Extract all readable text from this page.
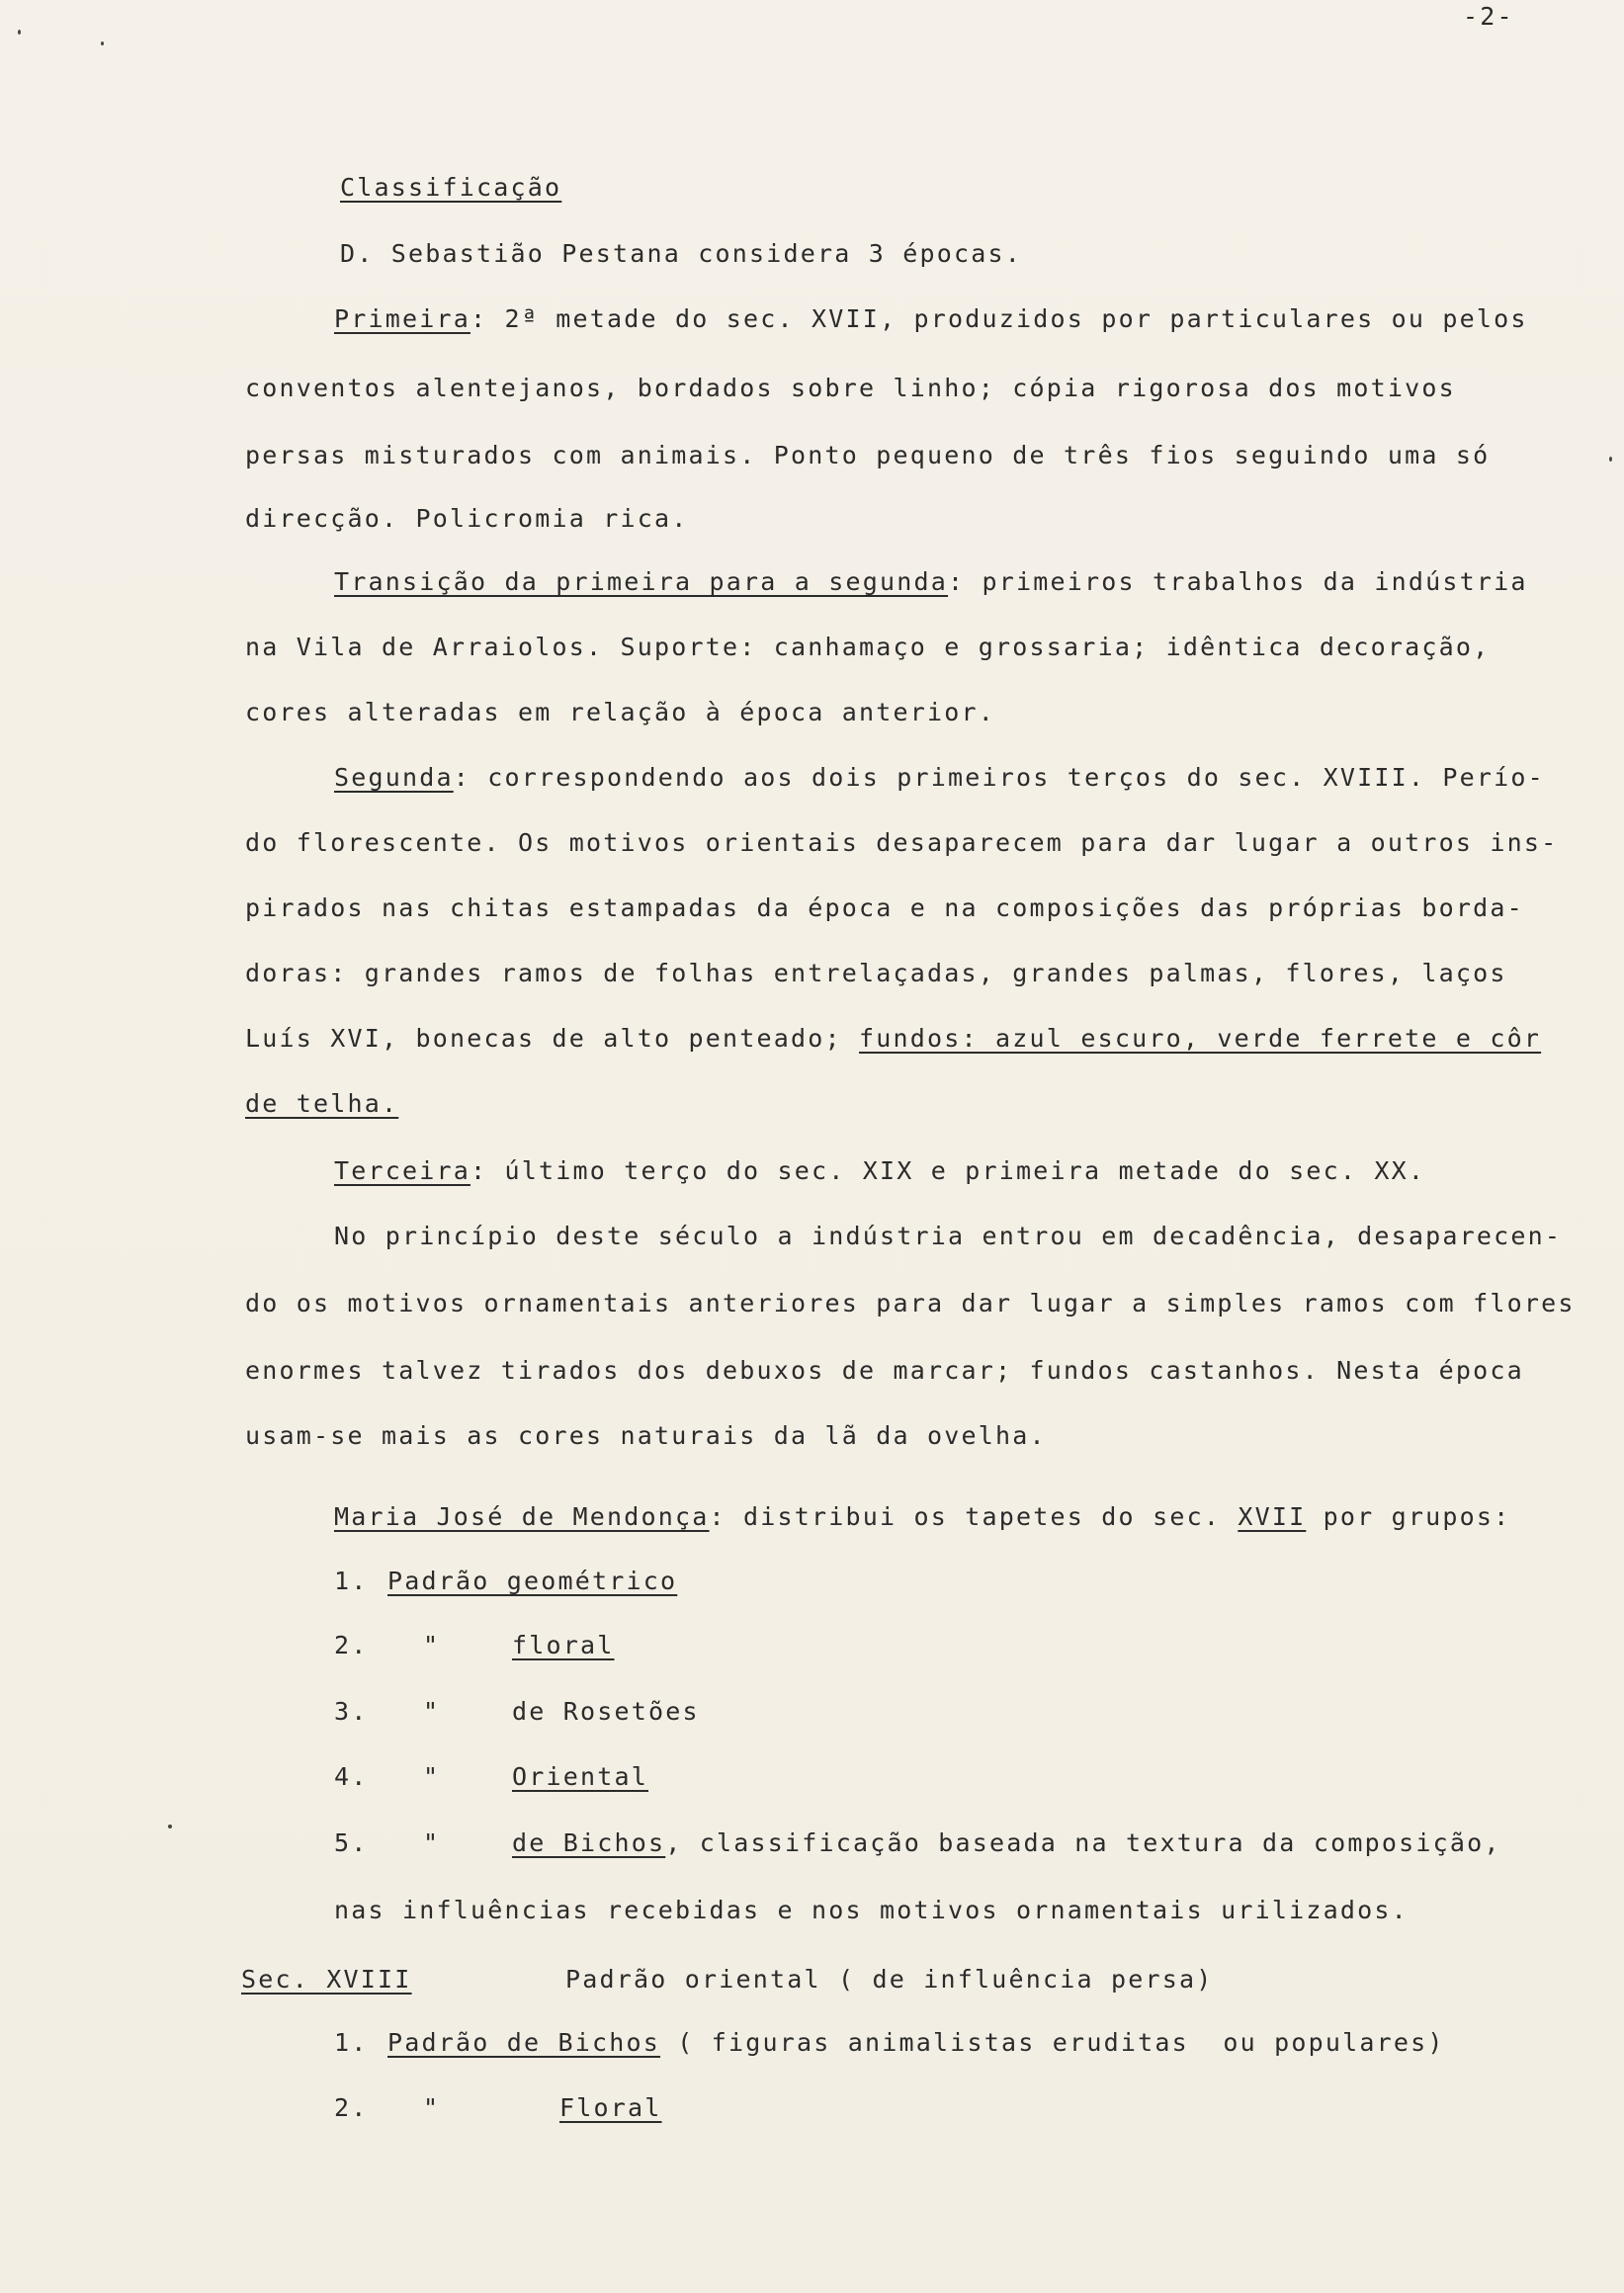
-2-
Classificação
D. Sebastião Pestana considera 3 épocas.
Primeira: 2ª metade do sec. XVII, produzidos por particulares ou pelos
conventos alentejanos, bordados sobre linho; cópia rigorosa dos motivos
persas misturados com animais. Ponto pequeno de três fios seguindo uma só
direcção. Policromia rica.
Transição da primeira para a segunda: primeiros trabalhos da indústria
na Vila de Arraiolos. Suporte: canhamaço e grossaria; idêntica decoração,
cores alteradas em relação à época anterior.
Segunda: correspondendo aos dois primeiros terços do sec. XVIII. Perío-
do florescente. Os motivos orientais desaparecem para dar lugar a outros ins-
pirados nas chitas estampadas da época e na composições das próprias borda-
doras: grandes ramos de folhas entrelaçadas, grandes palmas, flores, laços
Luís XVI, bonecas de alto penteado; fundos: azul escuro, verde ferrete e côr
de telha.
Terceira: último terço do sec. XIX e primeira metade do sec. XX.
No princípio deste século a indústria entrou em decadência, desaparecen-
do os motivos ornamentais anteriores para dar lugar a simples ramos com flores
enormes talvez tirados dos debuxos de marcar; fundos castanhos. Nesta época
usam-se mais as cores naturais da lã da ovelha.
Maria José de Mendonça: distribui os tapetes do sec. XVII por grupos:
1. Padrão geométrico
2. "	floral
3. "	de Rosetões
4. "	Oriental
5. "	de Bichos, classificação baseada na textura da composição,
nas influências recebidas e nos motivos ornamentais urilizados.
Sec. XVIII	Padrão oriental ( de influência persa)
1. Padrão de Bichos ( figuras animalistas eruditas  ou populares)
2. "	Floral
